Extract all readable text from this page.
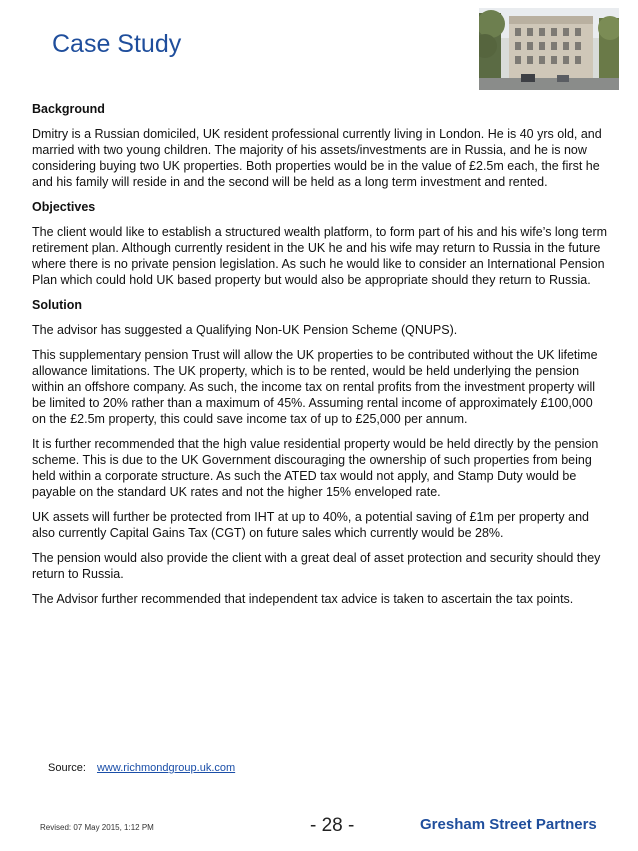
Case Study
Background
Dmitry is a Russian domiciled, UK resident professional currently living in London. He is 40 yrs old, and married with two young children. The majority of his assets/investments are in Russia, and he is now considering buying two UK properties. Both properties would be in the value of £2.5m each, the first he and his family will reside in and the second will be held as a long term investment and rented.
Objectives
The client would like to establish a structured wealth platform, to form part of his and his wife’s long term retirement plan. Although currently resident in the UK he and his wife may return to Russia in the future where there is no private pension legislation. As such he would like to consider an International Pension Plan which could hold UK based property but would also be appropriate should they return to Russia.
Solution
The advisor has suggested a Qualifying Non-UK Pension Scheme (QNUPS).
This supplementary pension Trust will allow the UK properties to be contributed without the UK lifetime allowance limitations. The UK property, which is to be rented, would be held underlying the pension within an offshore company. As such, the income tax on rental profits from the investment property will be limited to 20% rather than a maximum of 45%. Assuming rental income of approximately £100,000 on the £2.5m property, this could save income tax of up to £25,000 per annum.
It is further recommended that the high value residential property would be held directly by the pension scheme. This is due to the UK Government discouraging the ownership of such properties from being held within a corporate structure. As such the ATED tax would not apply, and Stamp Duty would be payable on the standard UK rates and not the higher 15% enveloped rate.
UK assets will further be protected from IHT at up to 40%, a potential saving of £1m per property and also currently Capital Gains Tax (CGT) on future sales which currently would be 28%.
The pension would also provide the client with a great deal of asset protection and security should they return to Russia.
The Advisor further recommended that independent tax advice is taken to ascertain the tax points.
Source: www.richmondgroup.uk.com
Revised: 07 May 2015, 1:12 PM	- 28 -	Gresham Street Partners
